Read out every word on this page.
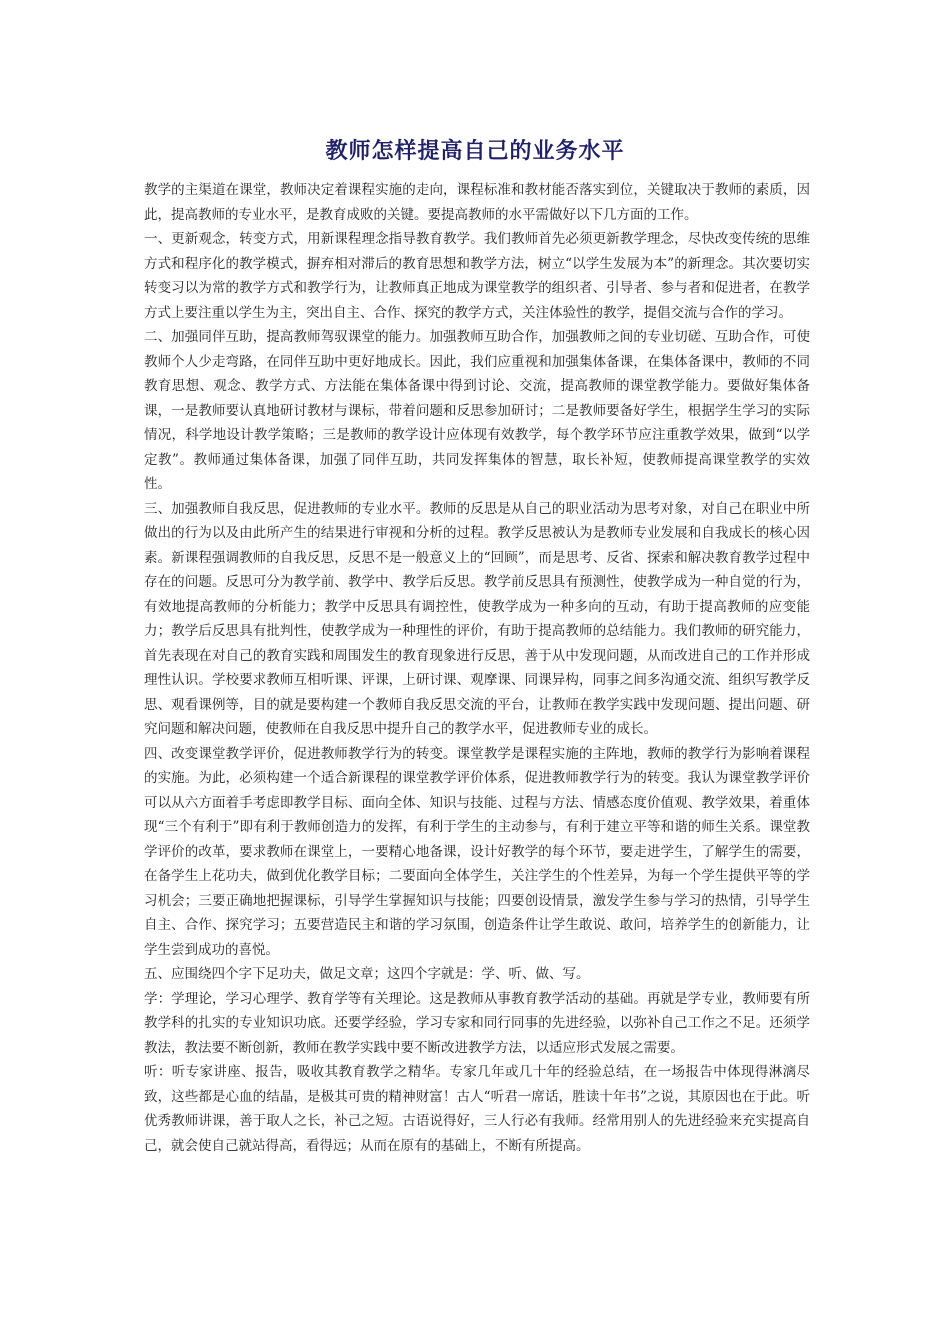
教师怎样提高自己的业务水平

教学的主渠道在课堂，教师决定着课程实施的走向，课程标准和教材能否落实到位，关键取决于教师的素质，因此，提高教师的专业水平，是教育成败的关键。要提高教师的水平需做好以下几方面的工作。

一、更新观念，转变方式，用新课程理念指导教育教学。我们教师首先必须更新教学理念，尽快改变传统的思维方式和程序化的教学模式，摒弃相对滞后的教育思想和教学方法，树立“以学生发展为本”的新理念。其次要切实转变习以为常的教学方式和教学行为，让教师真正地成为课堂教学的组织者、引导者、参与者和促进者，在教学方式上要注重以学生为主，突出自主、合作、探究的教学方式，关注体验性的教学，提倡交流与合作的学习。

二、加强同伴互助，提高教师驾驭课堂的能力。加强教师互助合作，加强教师之间的专业切磋、互助合作，可使教师个人少走弯路，在同伴互助中更好地成长。因此，我们应重视和加强集体备课，在集体备课中，教师的不同教育思想、观念、教学方式、方法能在集体备课中得到讨论、交流，提高教师的课堂教学能力。要做好集体备课，一是教师要认真地研讨教材与课标，带着问题和反思参加研讨；二是教师要备好学生，根据学生学习的实际情况，科学地设计教学策略；三是教师的教学设计应体现有效教学，每个教学环节应注重教学效果，做到“以学定教”。教师通过集体备课，加强了同伴互助，共同发挥集体的智慧，取长补短，使教师提高课堂教学的实效性。

三、加强教师自我反思，促进教师的专业水平。教师的反思是从自己的职业活动为思考对象，对自己在职业中所做出的行为以及由此所产生的结果进行审视和分析的过程。教学反思被认为是教师专业发展和自我成长的核心因素。新课程强调教师的自我反思，反思不是一般意义上的“回顾”，而是思考、反省、探索和解决教育教学过程中存在的问题。反思可分为教学前、教学中、教学后反思。教学前反思具有预测性，使教学成为一种自觉的行为，有效地提高教师的分析能力；教学中反思具有调控性，使教学成为一种多向的互动，有助于提高教师的应变能力；教学后反思具有批判性，使教学成为一种理性的评价，有助于提高教师的总结能力。我们教师的研究能力，首先表现在对自己的教育实践和周围发生的教育现象进行反思，善于从中发现问题，从而改进自己的工作并形成理性认识。学校要求教师互相听课、评课，上研讨课、观摩课、同课异构，同事之间多沟通交流、组织写教学反思、观看课例等，目的就是要构建一个教师自我反思交流的平台，让教师在教学实践中发现问题、提出问题、研究问题和解决问题，使教师在自我反思中提升自己的教学水平，促进教师专业的成长。

四、改变课堂教学评价，促进教师教学行为的转变。课堂教学是课程实施的主阵地，教师的教学行为影响着课程的实施。为此，必须构建一个适合新课程的课堂教学评价体系，促进教师教学行为的转变。我认为课堂教学评价可以从六方面着手考虑即教学目标、面向全体、知识与技能、过程与方法、情感态度价值观、教学效果，着重体现“三个有利于”即有利于教师创造力的发挥，有利于学生的主动参与，有利于建立平等和谐的师生关系。课堂教学评价的改革，要求教师在课堂上，一要精心地备课，设计好教学的每个环节，要走进学生，了解学生的需要，在备学生上花功夫，做到优化教学目标；二要面向全体学生，关注学生的个性差异，为每一个学生提供平等的学习机会；三要正确地把握课标，引导学生掌握知识与技能；四要创设情景，激发学生参与学习的热情，引导学生自主、合作、探究学习；五要营造民主和谐的学习氛围，创造条件让学生敢说、敢问，培养学生的创新能力，让学生尝到成功的喜悦。

五、应围绕四个字下足功夫，做足文章；这四个字就是：学、听、做、写。

学：学理论，学习心理学、教育学等有关理论。这是教师从事教育教学活动的基础。再就是学专业，教师要有所教学科的扎实的专业知识功底。还要学经验，学习专家和同行同事的先进经验，以弥补自己工作之不足。还须学教法，教法要不断创新，教师在教学实践中要不断改进教学方法，以适应形式发展之需要。

听：听专家讲座、报告，吸收其教育教学之精华。专家几年或几十年的经验总结，在一场报告中体现得淋漓尽致，这些都是心血的结晶，是极其可贵的精神财富！古人“听君一席话，胜读十年书”之说，其原因也在于此。听优秀教师讲课，善于取人之长，补己之短。古语说得好，三人行必有我师。经常用别人的先进经验来充实提高自己，就会使自己就站得高，看得远；从而在原有的基础上，不断有所提高。
